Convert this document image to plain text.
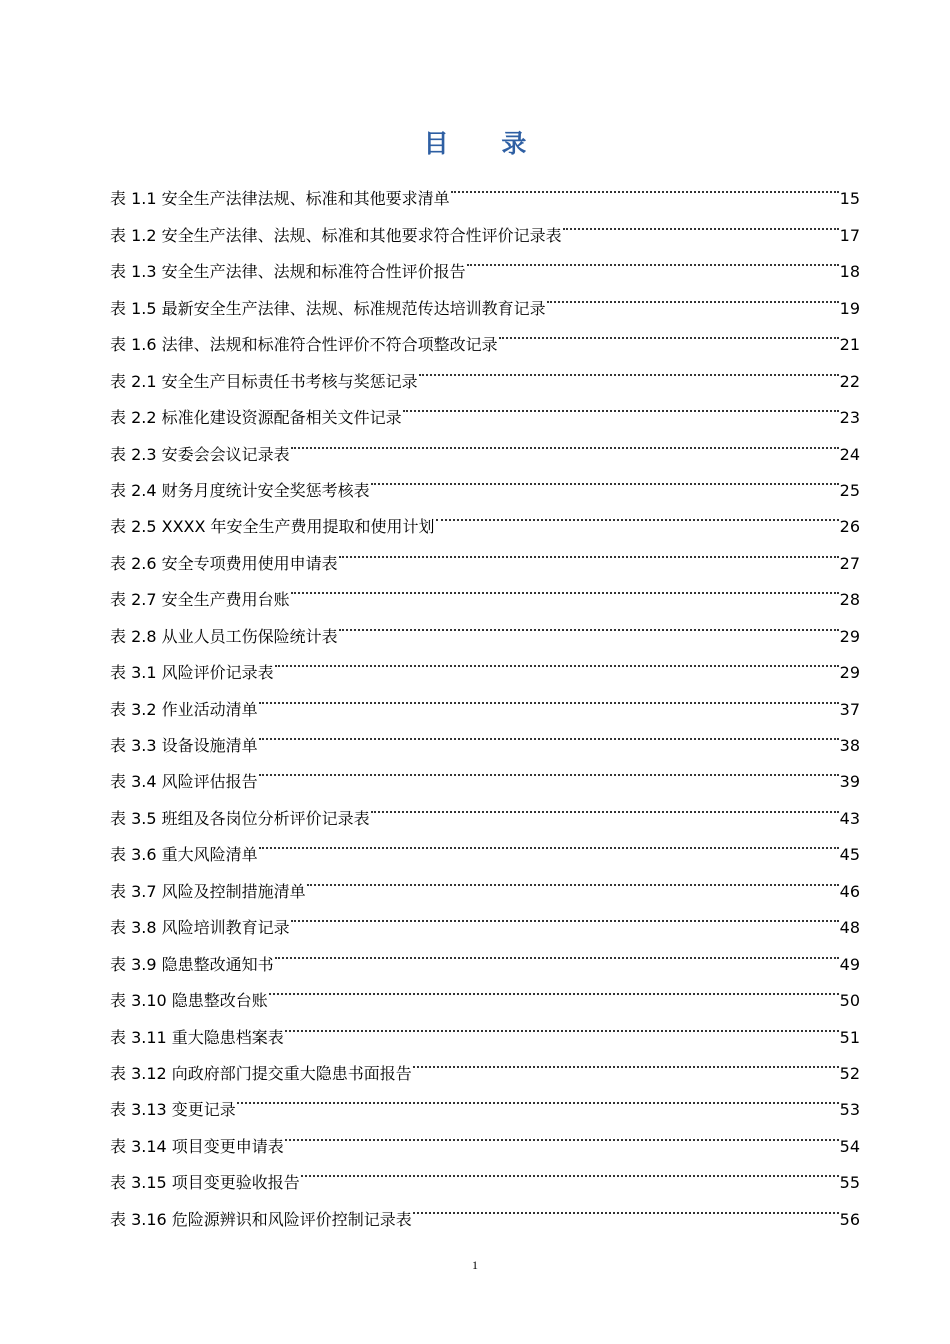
目 录
表 1.1 安全生产法律法规、标准和其他要求清单	15
表 1.2 安全生产法律、法规、标准和其他要求符合性评价记录表	17
表 1.3 安全生产法律、法规和标准符合性评价报告	18
表 1.5 最新安全生产法律、法规、标准规范传达培训教育记录	19
表 1.6 法律、法规和标准符合性评价不符合项整改记录	21
表 2.1 安全生产目标责任书考核与奖惩记录	22
表 2.2 标准化建设资源配备相关文件记录	23
表 2.3 安委会会议记录表	24
表 2.4 财务月度统计安全奖惩考核表	25
表 2.5 XXXX 年安全生产费用提取和使用计划	26
表 2.6 安全专项费用使用申请表	27
表 2.7 安全生产费用台账	28
表 2.8 从业人员工伤保险统计表	29
表 3.1 风险评价记录表	29
表 3.2 作业活动清单	37
表 3.3 设备设施清单	38
表 3.4 风险评估报告	39
表 3.5 班组及各岗位分析评价记录表	43
表 3.6 重大风险清单	45
表 3.7 风险及控制措施清单	46
表 3.8 风险培训教育记录	48
表 3.9 隐患整改通知书	49
表 3.10 隐患整改台账	50
表 3.11 重大隐患档案表	51
表 3.12 向政府部门提交重大隐患书面报告	52
表 3.13 变更记录	53
表 3.14 项目变更申请表	54
表 3.15 项目变更验收报告	55
表 3.16 危险源辨识和风险评价控制记录表	56
1
